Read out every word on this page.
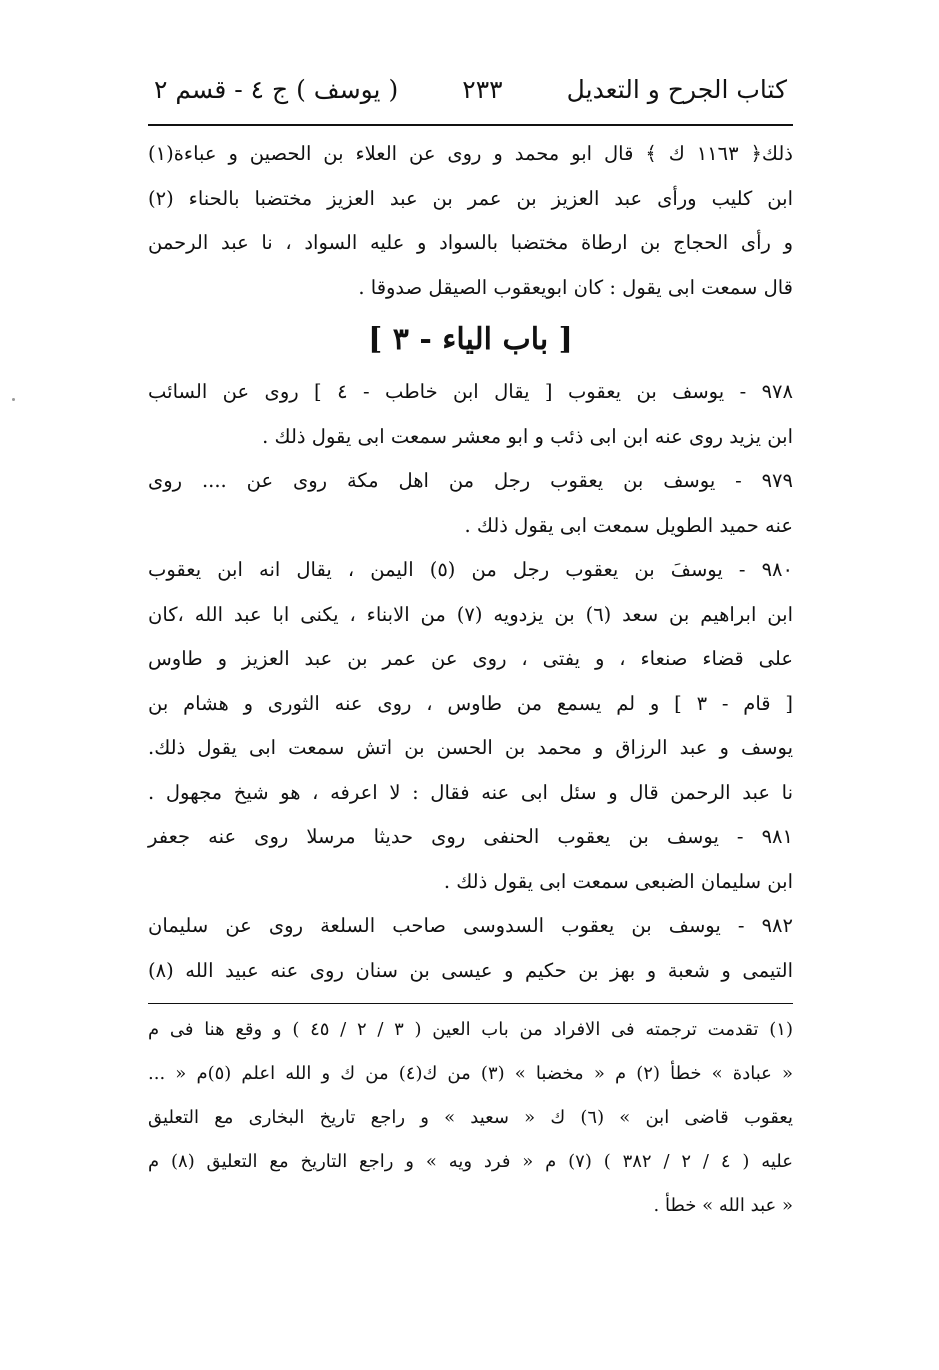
كتاب الجرح و التعديل
٢٣٣
( يوسف ) ج ٤ - قسم ٢

ذلك﴿ ١١٦٣ ك ﴾ قال ابو محمد و روى عن العلاء بن الحصين و عباءة(١)

ابن كليب ورأى عبد العزيز بن عمر بن عبد العزيز مختضبا بالحناء (٢)

و رأى الحجاج بن ارطاة مختضبا بالسواد و عليه السواد ، نا عبد الرحمن

قال سمعت ابى يقول : كان ابويعقوب الصيقل صدوقا .

[ باب الياء - ٣ ]

٩٧٨ - يوسف بن يعقوب [ يقال ابن خاطب - ٤ ] روى عن السائب

ابن يزيد روى عنه ابن ابى ذئب و ابو معشر سمعت ابى يقول ذلك .

٩٧٩ - يوسف بن يعقوب رجل من اهل مكة روى عن .... روى

عنه حميد الطويل سمعت ابى يقول ذلك .

٩٨٠ - يوسفَ بن يعقوب رجل من (٥) اليمن ، يقال انه ابن يعقوب

ابن ابراهيم بن سعد (٦) بن يزدويه (٧) من الابناء ، يكنى ابا عبد الله ،كان

على قضاء صنعاء ، و يفتى ، روى عن عمر بن عبد العزيز و طاوس

[ قام - ٣ ] و لم يسمع من طاوس ، روى عنه الثورى و هشام بن

يوسف و عبد الرزاق و محمد بن الحسن بن اتش سمعت ابى يقول ذلك.

نا عبد الرحمن قال و سئل ابى عنه فقال : لا اعرفه ، هو شيخ مجهول .

٩٨١ - يوسف بن يعقوب الحنفى روى حديثا مرسلا روى عنه جعفر

ابن سليمان الضبعى سمعت ابى يقول ذلك .

٩٨٢ - يوسف بن يعقوب السدوسى صاحب السلعة روى عن سليمان

التيمى و شعبة و بهز بن حكيم و عيسى بن سنان روى عنه عبيد الله (٨)

(١) تقدمت ترجمته فى الافراد من باب العين ( ٣ / ٢ / ٤٥ ) و وقع هنا فى م

« عبادة » خطأ (٢) م « مخضبا » (٣) من ك(٤) من ك و الله اعلم (٥)م « ...

يعقوب قاضى ابن » (٦) ك « سعيد » و راجع تاريخ البخارى مع التعليق

عليه ( ٤ / ٢ / ٣٨٢ ) (٧) م « فرد ويه » و راجع التاريخ مع التعليق (٨) م

« عبد الله » خطأ .
